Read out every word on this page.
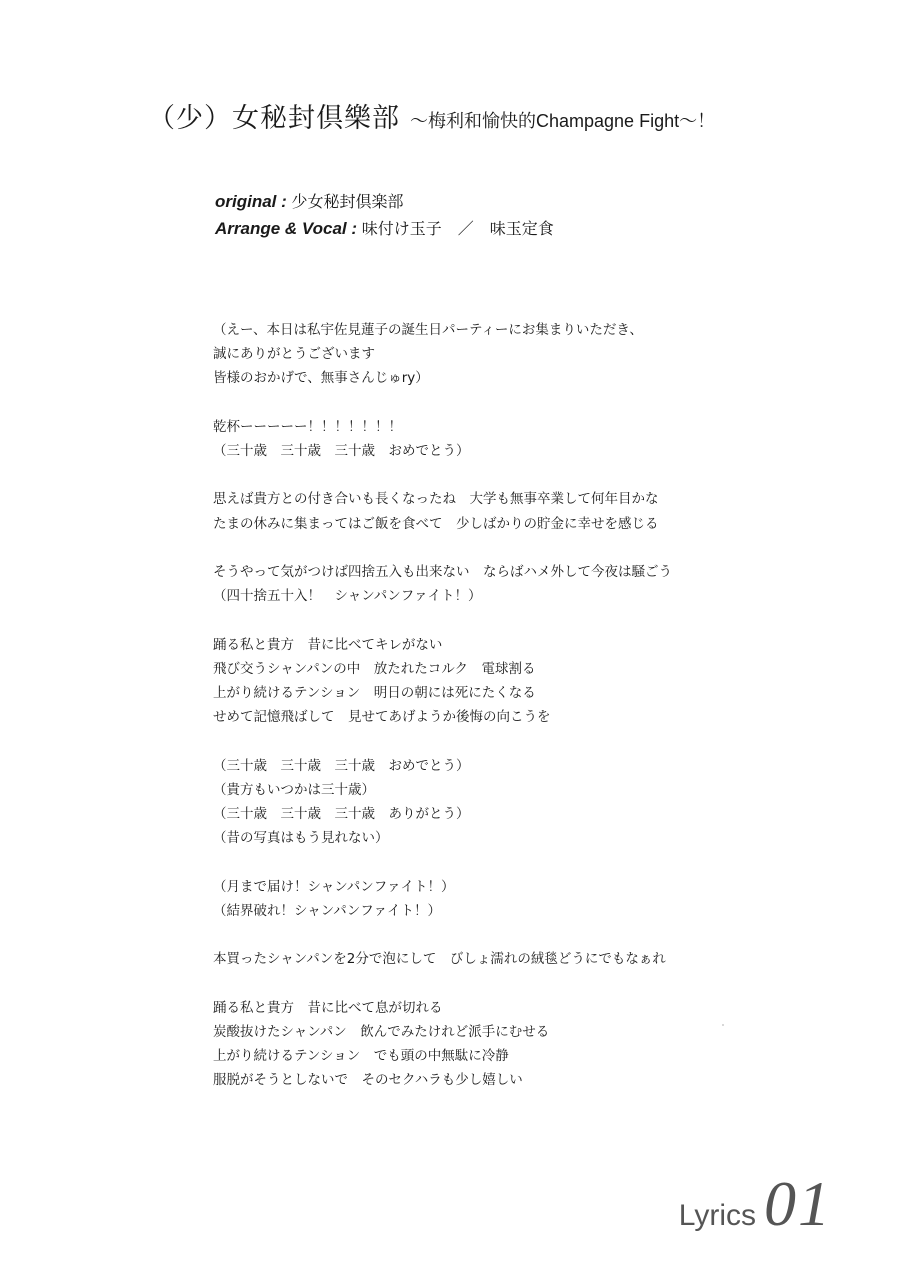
（少）女秘封倶樂部 ～梅利和愉快的Champagne Fight～！
original : 少女秘封倶楽部
Arrange & Vocal : 味付け玉子　／　味玉定食
（えー、本日は私宇佐見蓮子の誕生日パーティーにお集まりいただき、
誠にありがとうございます
皆様のおかげで、無事さんじゅry）
乾杯ーーーーー！！！！！！！
（三十歳　三十歳　三十歳　おめでとう）
思えば貴方との付き合いも長くなったね　大学も無事卒業して何年目かな
たまの休みに集まってはご飯を食べて　少しばかりの貯金に幸せを感じる
そうやって気がつけば四捨五入も出来ない　ならばハメ外して今夜は騒ごう
（四十捨五十入！　シャンパンファイト！）
踊る私と貴方　昔に比べてキレがない
飛び交うシャンパンの中　放たれたコルク　電球割る
上がり続けるテンション　明日の朝には死にたくなる
せめて記憶飛ばして　見せてあげようか後悔の向こうを
（三十歳　三十歳　三十歳　おめでとう）
（貴方もいつかは三十歳）
（三十歳　三十歳　三十歳　ありがとう）
（昔の写真はもう見れない）
（月まで届け！シャンパンファイト！）
（結界破れ！シャンパンファイト！）
本買ったシャンパンを2分で泡にして　びしょ濡れの絨毯どうにでもなぁれ
踊る私と貴方　昔に比べて息が切れる
炭酸抜けたシャンパン　飲んでみたけれど派手にむせる
上がり続けるテンション　でも頭の中無駄に冷静
服脱がそうとしないで　そのセクハラも少し嬉しい
Lyrics 01
